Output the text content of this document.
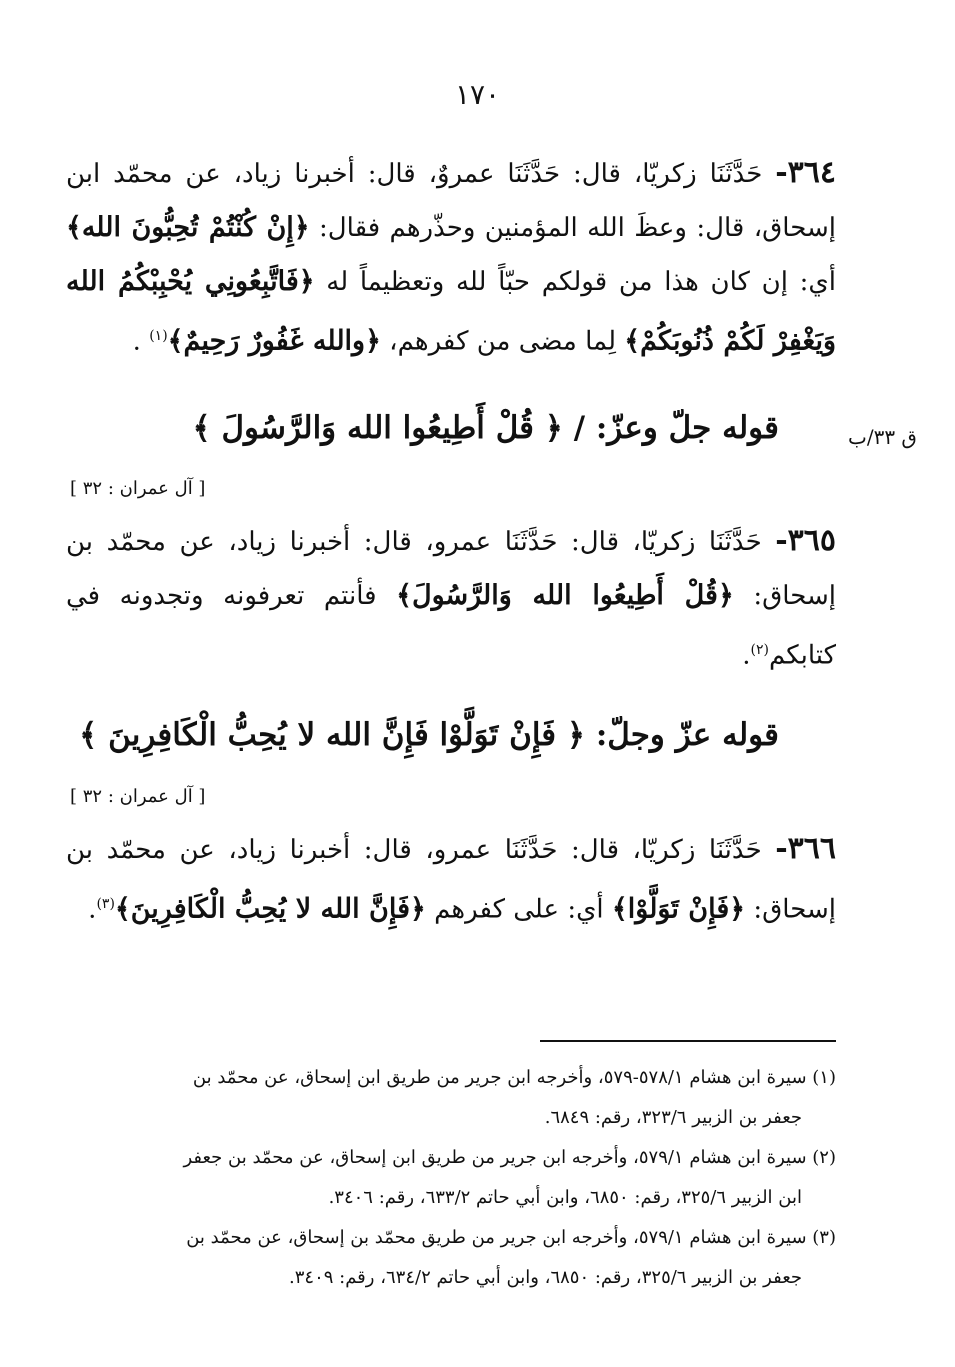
١٧٠
٣٦٤- حَدَّثَنَا زكريّا، قال: حَدَّثَنَا عمروٌ، قال: أخبرنا زياد، عن محمّد ابن إسحاق، قال: وعظَ الله المؤمنين وحذّرهم فقال: ﴿إِنْ كُنْتُمْ تُحِبُّونَ الله﴾ أي: إن كان هذا من قولكم حبّاً لله وتعظيماً له ﴿فَاتَّبِعُونِي يُحْبِبْكُمُ الله وَيَغْفِرْ لَكُمْ ذُنُوبَكُمْ﴾ لِما مضى من كفرهم، ﴿والله غَفُورٌ رَحِيمٌ﴾$^{(١)}$ .
قوله جلّ وعزّ: / ﴿ قُلْ أَطِيعُوا الله وَالرَّسُولَ ﴾	ق ٣٣/ب
[ آل عمران : ٣٢ ]
٣٦٥- حَدَّثَنَا زكريّا، قال: حَدَّثَنَا عمرو، قال: أخبرنا زياد، عن محمّد بن إسحاق: ﴿قُلْ أَطِيعُوا الله وَالرَّسُولَ﴾ فأنتم تعرفونه وتجدونه في كتابكم$^{(٢)}$.
قوله عزّ وجلّ: ﴿ فَإِنْ تَوَلَّوْا فَإِنَّ الله لا يُحِبُّ الْكَافِرِينَ ﴾
[ آل عمران : ٣٢ ]
٣٦٦- حَدَّثَنَا زكريّا، قال: حَدَّثَنَا عمرو، قال: أخبرنا زياد، عن محمّد بن إسحاق: ﴿فَإِنْ تَوَلَّوْا﴾ أي: على كفرهم ﴿فَإِنَّ الله لا يُحِبُّ الْكَافِرِينَ﴾$^{(٣)}$.
(١) سيرة ابن هشام ٥٧٨/١-٥٧٩، وأخرجه ابن جرير من طريق ابن إسحاق، عن محمّد بن
جعفر بن الزبير ٣٢٣/٦، رقم: ٦٨٤٩.
(٢) سيرة ابن هشام ٥٧٩/١، وأخرجه ابن جرير من طريق ابن إسحاق، عن محمّد بن جعفر
ابن الزبير ٣٢٥/٦، رقم: ٦٨٥٠، وابن أبي حاتم ٦٣٣/٢، رقم: ٣٤٠٦.
(٣) سيرة ابن هشام ٥٧٩/١، وأخرجه ابن جرير من طريق محمّد بن إسحاق، عن محمّد بن
جعفر بن الزبير ٣٢٥/٦، رقم: ٦٨٥٠، وابن أبي حاتم ٦٣٤/٢، رقم: ٣٤٠٩.
